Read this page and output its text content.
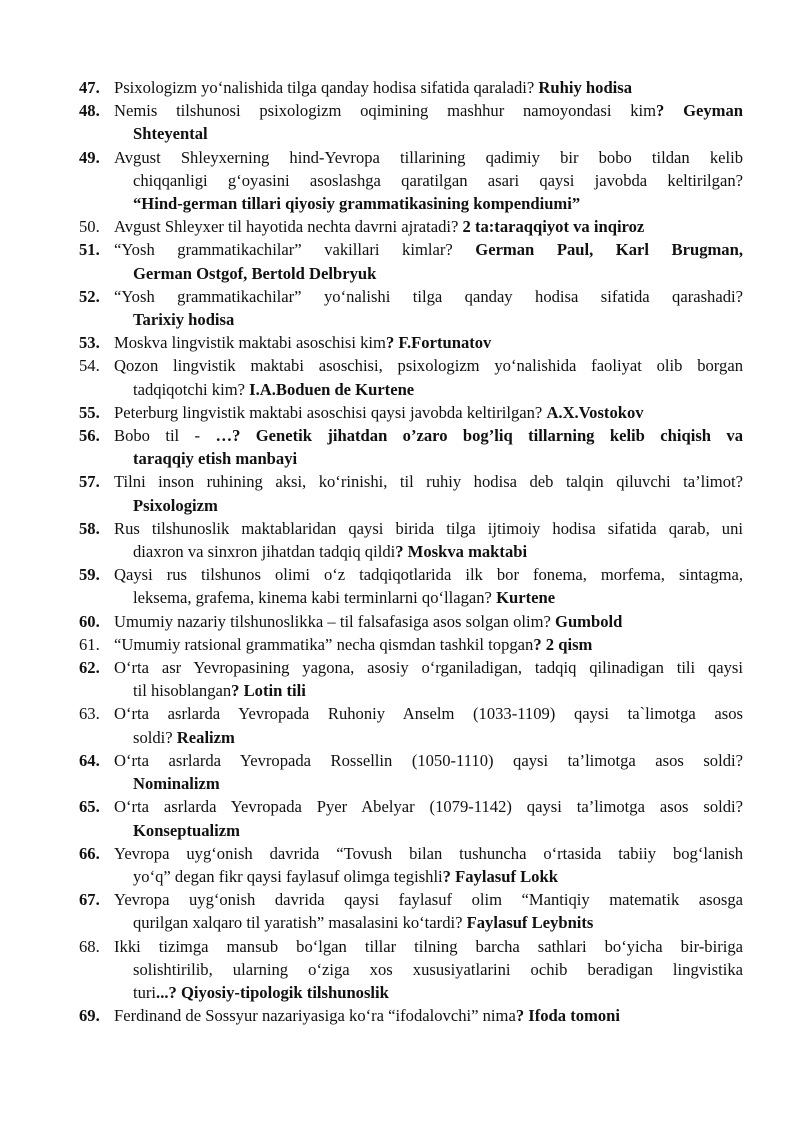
47. Psixologizm yo‘nalishida tilga qanday hodisa sifatida qaraladi? Ruhiy hodisa
48. Nemis tilshunosi psixologizm oqimining mashhur namoyondasi kim? Geyman
Shteyental
49. Avgust Shleyxerning hind-Yevropa tillarining qadimiy bir bobo tildan kelib
chiqqanligi g‘oyasini asoslashga qaratilgan asari qaysi javobda keltirilgan?
“Hind-german tillari qiyosiy grammatikasining kompendiumi”
50. Avgust Shleyxer til hayotida nechta davrni ajratadi? 2 ta:taraqqiyot va inqiroz
51. “Yosh grammatikachilar” vakillari kimlar? German Paul, Karl Brugman,
German Ostgof, Bertold Delbryuk
52. “Yosh grammatikachilar” yo‘nalishi tilga qanday hodisa sifatida qarashadi?
Tarixiy hodisa
53. Moskva lingvistik maktabi asoschisi kim? F.Fortunatov
54. Qozon lingvistik maktabi asoschisi, psixologizm yo‘nalishida faoliyat olib borgan
tadqiqotchi kim? I.A.Boduen de Kurtene
55. Peterburg lingvistik maktabi asoschisi qaysi javobda keltirilgan? A.X.Vostokov
56. Bobo til - …? Genetik jihatdan o’zaro bog’liq tillarning kelib chiqish va
taraqqiy etish manbayi
57. Tilni inson ruhining aksi, ko‘rinishi, til ruhiy hodisa deb talqin qiluvchi ta’limot?
Psixologizm
58. Rus tilshunoslik maktablaridan qaysi birida tilga ijtimoiy hodisa sifatida qarab, uni
diaxron va sinxron jihatdan tadqiq qildi? Moskva maktabi
59. Qaysi rus tilshunos olimi o‘z tadqiqotlarida ilk bor fonema, morfema, sintagma,
leksema, grafema, kinema kabi terminlarni qo‘llagan? Kurtene
60. Umumiy nazariy tilshunoslikka – til falsafasiga asos solgan olim? Gumbold
61. “Umumiy ratsional grammatika” necha qismdan tashkil topgan? 2 qism
62. O‘rta asr Yevropasining yagona, asosiy o‘rganiladigan, tadqiq qilinadigan tili qaysi
til hisoblangan? Lotin tili
63. O‘rta asrlarda Yevropada Ruhoniy Anselm (1033-1109) qaysi ta`limotga asos
soldi? Realizm
64. O‘rta asrlarda Yevropada Rossellin (1050-1110) qaysi ta’limotga asos soldi?
Nominalizm
65. O‘rta asrlarda Yevropada Pyer Abelyar (1079-1142) qaysi ta’limotga asos soldi?
Konseptualizm
66. Yevropa uyg‘onish davrida “Tovush bilan tushuncha o‘rtasida tabiiy bog‘lanish
yo‘q” degan fikr qaysi faylasuf olimga tegishli? Faylasuf Lokk
67. Yevropa uyg‘onish davrida qaysi faylasuf olim “Mantiqiy matematik asosga
qurilgan xalqaro til yaratish” masalasini ko‘tardi? Faylasuf Leybnits
68. Ikki tizimga mansub bo‘lgan tillar tilning barcha sathlari bo‘yicha bir-biriga
solishtirilib, ularning o‘ziga xos xususiyatlarini ochib beradigan lingvistika
turi...? Qiyosiy-tipologik tilshunoslik
69. Ferdinand de Sossyur nazariyasiga ko‘ra “ifodalovchi” nima? Ifoda tomoni
